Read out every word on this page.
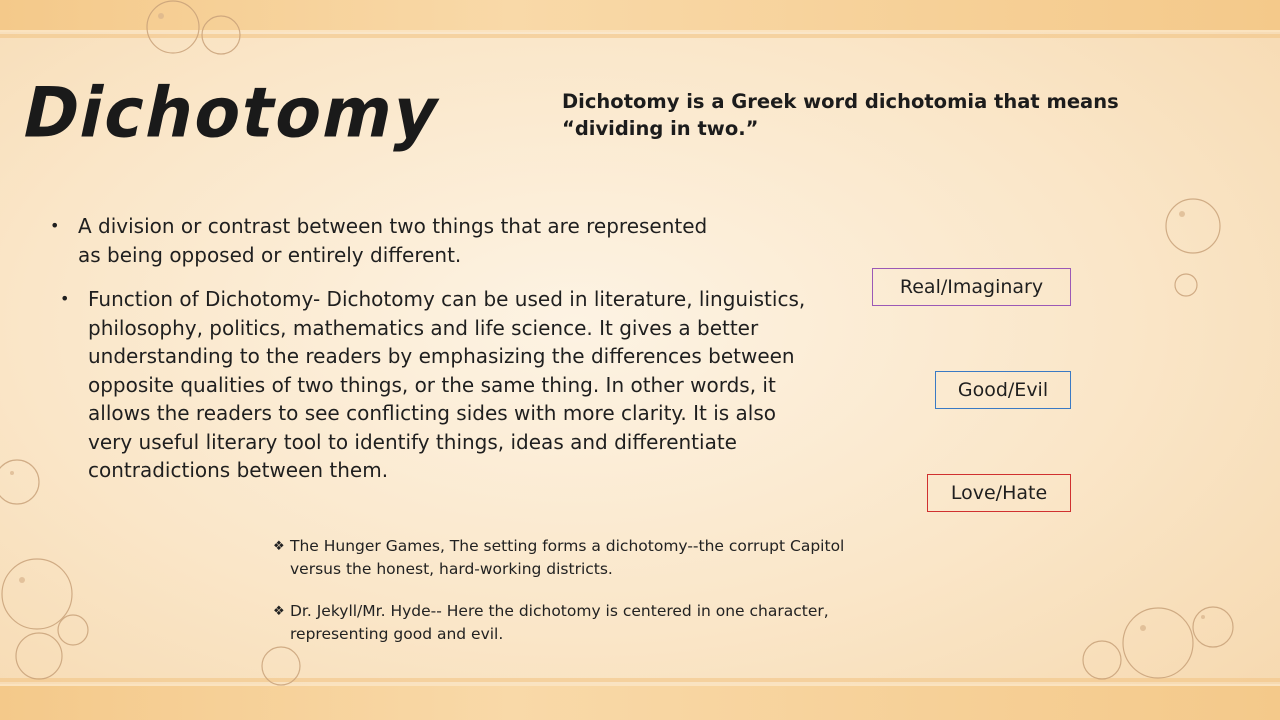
Dichotomy	Dichotomy is a Greek word dichotomia that means “dividing in two.”

• A division or contrast between two things that are represented as being opposed or entirely different.
• Function of Dichotomy- Dichotomy can be used in literature, linguistics, philosophy, politics, mathematics and life science. It gives a better understanding to the readers by emphasizing the differences between opposite qualities of two things, or the same thing. In other words, it allows the readers to see conflicting sides with more clarity. It is also very useful literary tool to identify things, ideas and differentiate contradictions between them.
❖ The Hunger Games, The setting forms a dichotomy--the corrupt Capitol versus the honest, hard-working districts.
❖ Dr. Jekyll/Mr. Hyde-- Here the dichotomy is centered in one character, representing good and evil.
Real/Imaginary
Good/Evil
Love/Hate
